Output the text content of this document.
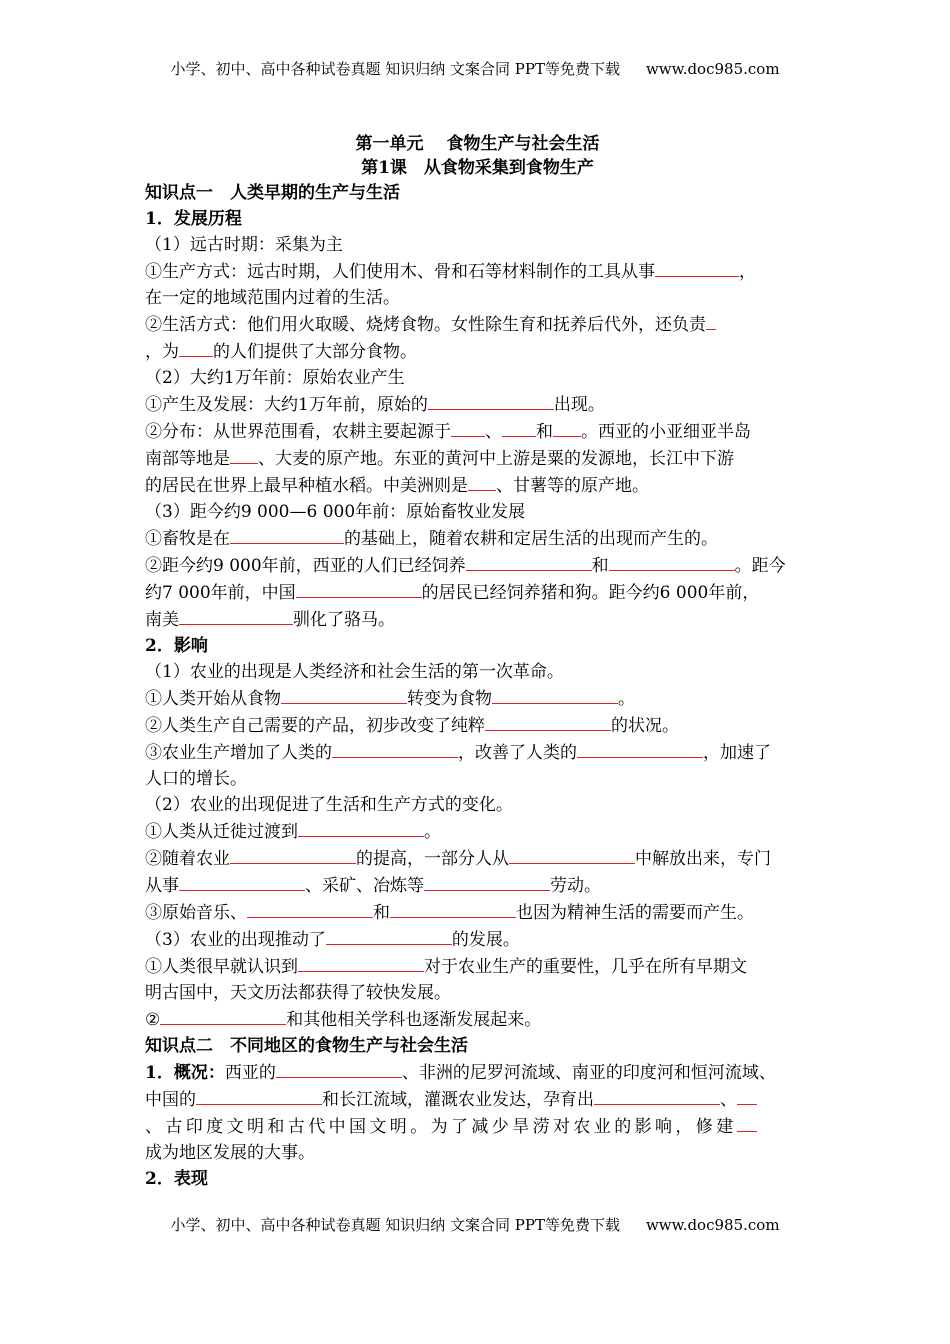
小学、初中、高中各种试卷真题 知识归纳 文案合同 PPT等免费下载 www.doc985.com
第一单元　 食物生产与社会生活
第1课　从食物采集到食物生产
知识点一　人类早期的生产与生活
1．发展历程
（1）远古时期：采集为主
①生产方式：远古时期，人们使用木、骨和石等材料制作的工具从事	，
在一定的地域范围内过着的生活。
②生活方式：他们用火取暖、烧烤食物。女性除生育和抚养后代外，还负责
，为 的人们提供了大部分食物。
（2）大约1万年前：原始农业产生
①产生及发展：大约1万年前，原始的	出现。
②分布：从世界范围看，农耕主要起源于 、 和 。西亚的小亚细亚半岛
南部等地是 、大麦的原产地。东亚的黄河中上游是粟的发源地，长江中下游
的居民在世界上最早种植水稻。中美洲则是 、甘薯等的原产地。
（3）距今约9 000—6 000年前：原始畜牧业发展
①畜牧是在	的基础上，随着农耕和定居生活的出现而产生的。
②距今约9 000年前，西亚的人们已经饲养	和	。距今
约7 000年前，中国	的居民已经饲养猪和狗。距今约6 000年前，
南美	驯化了骆马。
2．影响
（1）农业的出现是人类经济和社会生活的第一次革命。
①人类开始从食物	转变为食物	。
②人类生产自己需要的产品，初步改变了纯粹	的状况。
③农业生产增加了人类的	，改善了人类的	，加速了
人口的增长。
（2）农业的出现促进了生活和生产方式的变化。
①人类从迁徙过渡到	。
②随着农业	的提高，一部分人从	中解放出来，专门
从事	、采矿、冶炼等	劳动。
③原始音乐、	和	也因为精神生活的需要而产生。
（3）农业的出现推动了	的发展。
①人类很早就认识到	对于农业生产的重要性，几乎在所有早期文
明古国中，天文历法都获得了较快发展。
②	和其他相关学科也逐渐发展起来。
知识点二　不同地区的食物生产与社会生活
1．概况：西亚的	、非洲的尼罗河流域、南亚的印度河和恒河流域、
中国的	和长江流域，灌溉农业发达，孕育出	、
、古印度文明和古代中国文明。为了减少旱涝对农业的影响，修建
成为地区发展的大事。
2．表现
小学、初中、高中各种试卷真题 知识归纳 文案合同 PPT等免费下载 www.doc985.com
